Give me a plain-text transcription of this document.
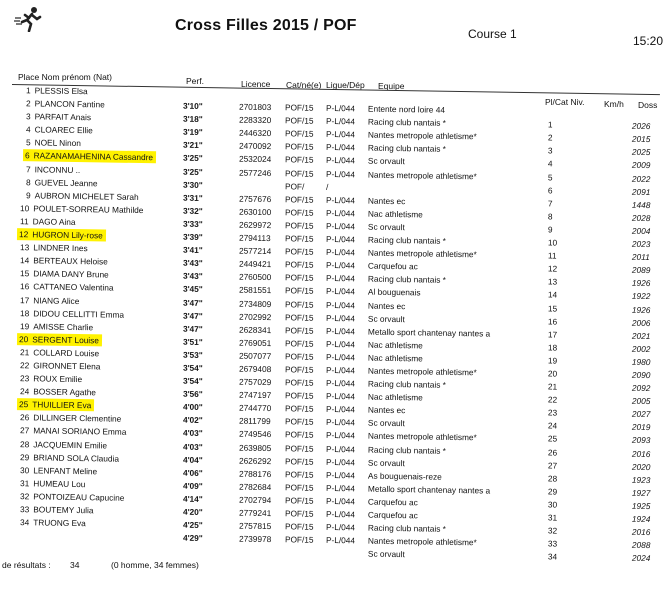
Cross Filles 2015 / POF	Course 1	15:20
Place Nom prénom (Nat)	Perf.	Licence Cat/né(e) Ligue/Dép Equipe
Pl/Cat Niv. Km/h Doss
1 PLESSIS Elsa
2 PLANCON Fantine	3'10"	2701803 POF/15 P-L/044 Entente nord loire 44
3 PARFAIT Anais	3'18"	2283320 POF/15 P-L/044 Racing club nantais *	1	2026
4 CLOAREC Ellie	3'19"	2446320 POF/15 P-L/044 Nantes metropole athletisme*	2	2015
5 NOEL Ninon	3'21"	2470092 POF/15 P-L/044 Racing club nantais *	3	2025
6 RAZANAMAHENINA Cassandre	3'25"	2532024 POF/15 P-L/044 Sc orvault	4	2009
7 INCONNU ..	3'25"	2577246 POF/15 P-L/044 Nantes metropole athletisme*	5	2022
8 GUEVEL Jeanne	3'30"	POF/	/	6	2091
9 AUBRON MICHELET Sarah	3'31"	2757676 POF/15 P-L/044 Nantes ec	7	1448
10 POULET-SORREAU Mathilde	3'32"	2630100 POF/15 P-L/044 Nac athletisme	8	2028
11 DAGO Aina	3'33"	2629972 POF/15 P-L/044 Sc orvault	9	2004
12 HUGRON Lily-rose	3'39"	2794113 POF/15 P-L/044 Racing club nantais *	10	2023
13 LINDNER Ines	3'41"	2577214 POF/15 P-L/044 Nantes metropole athletisme*	11	2011
14 BERTEAUX Heloise	3'43"	2449421 POF/15 P-L/044 Carquefou ac	12	2089
15 DIAMA DANY Brune	3'43"	2760500 POF/15 P-L/044 Racing club nantais *	13	1926
16 CATTANEO Valentina	3'45"	2581551 POF/15 P-L/044 Al bouguenais	14	1922
17 NIANG Alice	3'47"	2734809 POF/15 P-L/044 Nantes ec	15	1926
18 DIDOU CELLITTI Emma	3'47"	2702992 POF/15 P-L/044 Sc orvault	16	2006
19 AMISSE Charlie	3'47"	2628341 POF/15 P-L/044 Metallo sport chantenay nantes a	17	2021
20 SERGENT Louise	3'51"	2769051 POF/15 P-L/044 Nac athletisme	18	2002
21 COLLARD Louise	3'53"	2507077 POF/15 P-L/044 Nac athletisme	19	1980
22 GIRONNET Elena	3'54"	2679408 POF/15 P-L/044 Nantes metropole athletisme*	20	2090
23 ROUX Emilie	3'54"	2757029 POF/15 P-L/044 Racing club nantais *	21	2092
24 BOSSER Agathe	3'56"	2747197 POF/15 P-L/044 Nac athletisme	22	2005
25 THUILLIER Eva	4'00"	2744770 POF/15 P-L/044 Nantes ec	23	2027
26 DILLINGER Clementine	4'02"	2811799 POF/15 P-L/044 Sc orvault	24	2019
27 MANAI SORIANO Emma	4'03"	2749546 POF/15 P-L/044 Nantes metropole athletisme*	25	2093
28 JACQUEMIN Emilie	4'03"	2639805 POF/15 P-L/044 Racing club nantais *	26	2016
29 BRIAND SOLA Claudia	4'04"	2626292 POF/15 P-L/044 Sc orvault	27	2020
30 LENFANT Meline	4'06"	2788176 POF/15 P-L/044 As bouguenais-reze	28	1923
31 HUMEAU Lou	4'09"	2782684 POF/15 P-L/044 Metallo sport chantenay nantes a	29	1927
32 PONTOIZEAU Capucine	4'14"	2702794 POF/15 P-L/044 Carquefou ac	30	1925
33 BOUTEMY Julia	4'20"	2779241 POF/15 P-L/044 Carquefou ac	31	1924
34 TRUONG Eva	4'25"	2757815 POF/15 P-L/044 Racing club nantais *	32	2016
4'29"	2739978 POF/15 P-L/044 Nantes metropole athletisme*	33	2088
Sc orvault	34	2024
de résultats : 34	(0 homme, 34 femmes)
